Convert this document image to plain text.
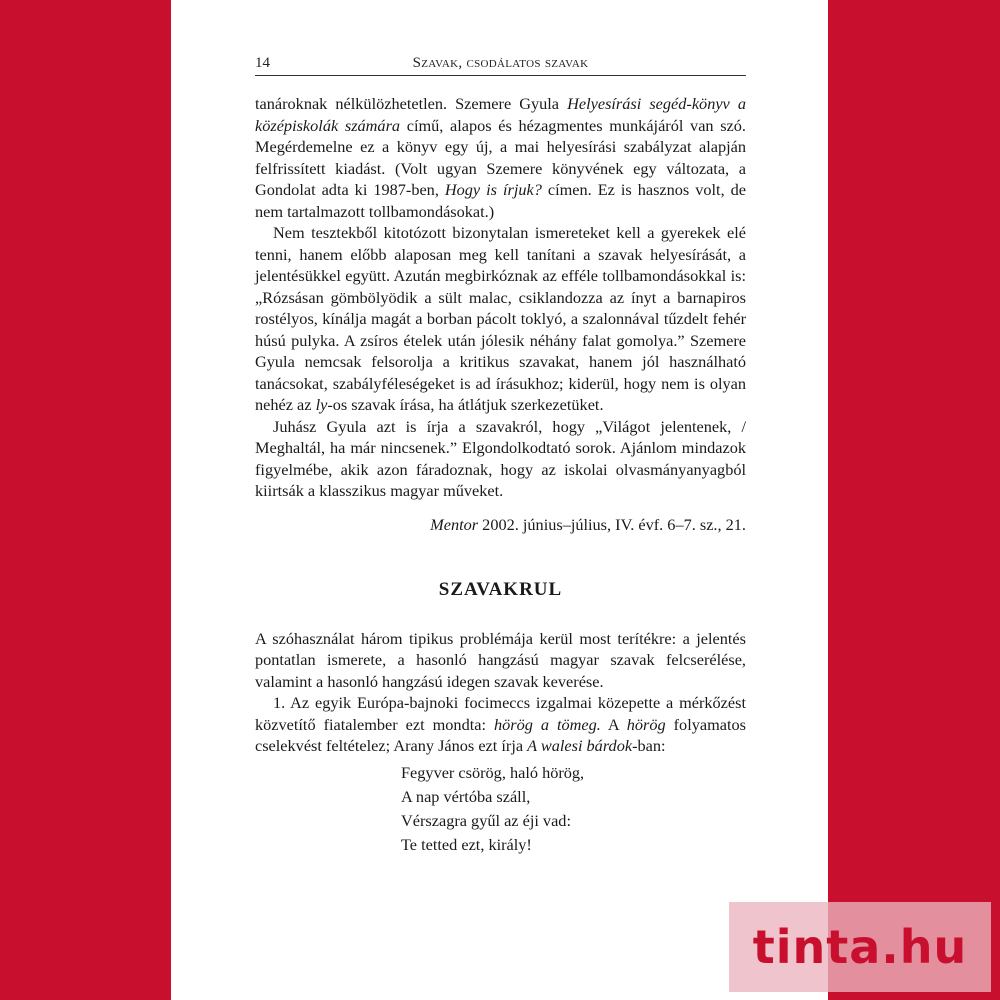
14	Szavak, csodálatos szavak

tanároknak nélkülözhetetlen. Szemere Gyula Helyesírási segéd-könyv a középiskolák számára című, alapos és hézagmentes munkájáról van szó. Megérdemelne ez a könyv egy új, a mai helyesírási szabályzat alapján felfrissített kiadást. (Volt ugyan Szemere könyvének egy változata, a Gondolat adta ki 1987-ben, Hogy is írjuk? címen. Ez is hasznos volt, de nem tartalmazott tollbamondásokat.)

Nem tesztekből kitotózott bizonytalan ismereteket kell a gyerekek elé tenni, hanem előbb alaposan meg kell tanítani a szavak helyesírását, a jelentésükkel együtt. Azután megbirkóznak az efféle tollbamondásokkal is: „Rózsásan gömbölyödik a sült malac, csiklandozza az ínyt a barnapiros rostélyos, kínálja magát a borban pácolt toklyó, a szalonnával tűzdelt fehér húsú pulyka. A zsíros ételek után jólesik néhány falat gomolya.” Szemere Gyula nemcsak felsorolja a kritikus szavakat, hanem jól használható tanácsokat, szabályféleségeket is ad írásukhoz; kiderül, hogy nem is olyan nehéz az ly-os szavak írása, ha átlátjuk szerkezetüket.

Juhász Gyula azt is írja a szavakról, hogy „Világot jelentenek, / Meghaltál, ha már nincsenek.” Elgondolkodtató sorok. Ajánlom mindazok figyelmébe, akik azon fáradoznak, hogy az iskolai olvasmányanyagból kiirtsák a klasszikus magyar műveket.

Mentor 2002. június–július, IV. évf. 6–7. sz., 21.

SZAVAKRUL

A szóhasználat három tipikus problémája kerül most terítékre: a jelentés pontatlan ismerete, a hasonló hangzású magyar szavak felcserélése, valamint a hasonló hangzású idegen szavak keverése.

1. Az egyik Európa-bajnoki focimeccs izgalmai közepette a mérkőzést közvetítő fiatalember ezt mondta: hörög a tömeg. A hörög folyamatos cselekvést feltételez; Arany János ezt írja A walesi bárdok-ban:

Fegyver csörög, haló hörög,
A nap vértóba száll,
Vérszagra gyűl az éji vad:
Te tetted ezt, király!
tinta.hu
